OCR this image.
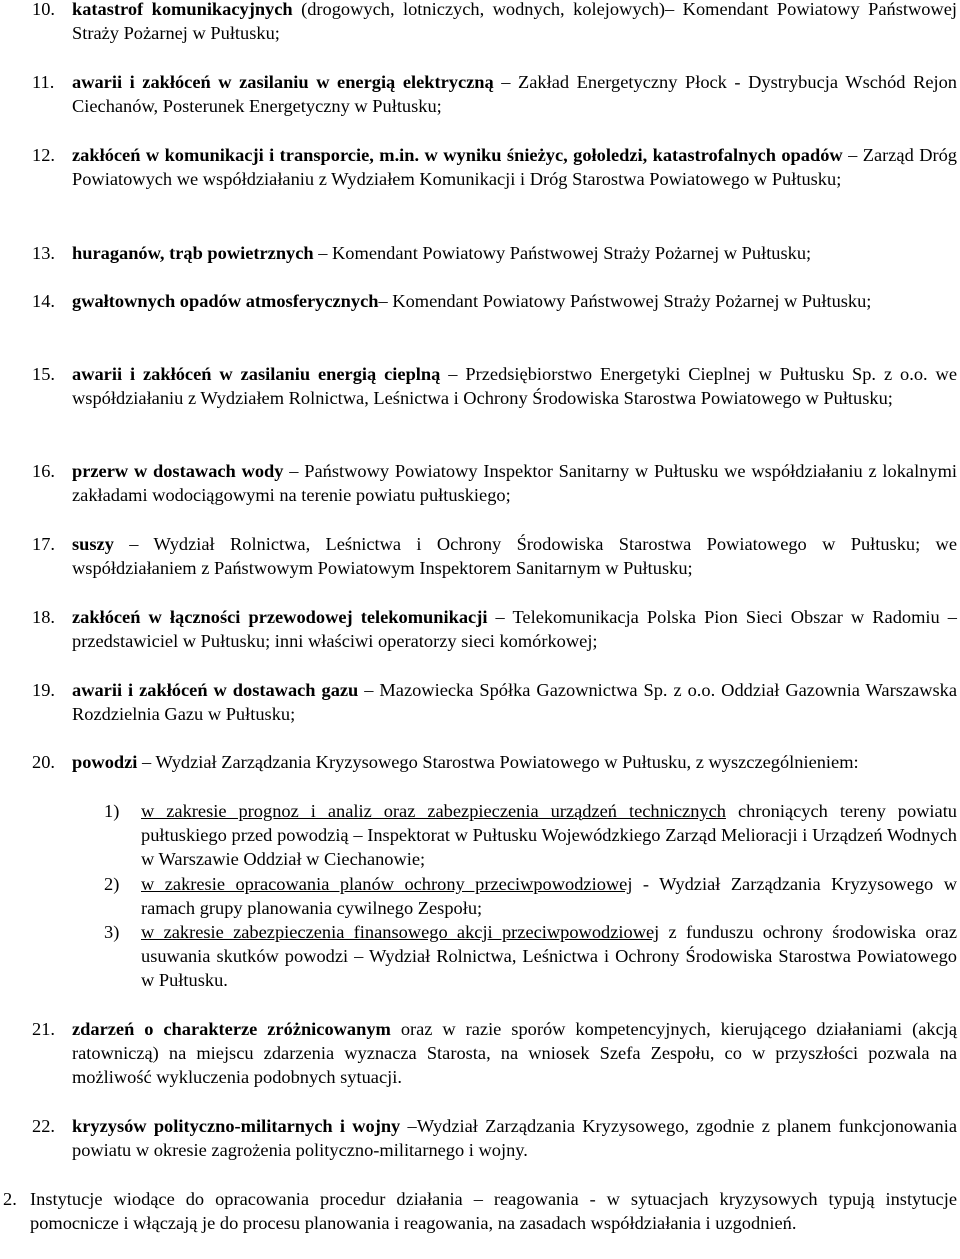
10. katastrof komunikacyjnych (drogowych, lotniczych, wodnych, kolejowych)– Komendant Powiatowy Państwowej Straży Pożarnej w Pułtusku;
11. awarii i zakłóceń w zasilaniu w energią elektryczną – Zakład Energetyczny Płock - Dystrybucja Wschód Rejon Ciechanów, Posterunek Energetyczny w Pułtusku;
12. zakłóceń w komunikacji i transporcie, m.in. w wyniku śnieżyc, gołoledzi, katastrofalnych opadów – Zarząd Dróg Powiatowych we współdziałaniu z Wydziałem Komunikacji i Dróg Starostwa Powiatowego w Pułtusku;
13. huraganów, trąb powietrznych – Komendant Powiatowy Państwowej Straży Pożarnej w Pułtusku;
14. gwałtownych opadów atmosferycznych– Komendant Powiatowy Państwowej Straży Pożarnej w Pułtusku;
15. awarii i zakłóceń w zasilaniu energią cieplną – Przedsiębiorstwo Energetyki Cieplnej w Pułtusku Sp. z o.o. we współdziałaniu z Wydziałem Rolnictwa, Leśnictwa i Ochrony Środowiska Starostwa Powiatowego w Pułtusku;
16. przerw w dostawach wody – Państwowy Powiatowy Inspektor Sanitarny w Pułtusku we współdziałaniu z lokalnymi zakładami wodociągowymi na terenie powiatu pułtuskiego;
17. suszy – Wydział Rolnictwa, Leśnictwa i Ochrony Środowiska Starostwa Powiatowego w Pułtusku; we współdziałaniem z Państwowym Powiatowym Inspektorem Sanitarnym w Pułtusku;
18. zakłóceń w łączności przewodowej telekomunikacji – Telekomunikacja Polska Pion Sieci Obszar w Radomiu – przedstawiciel w Pułtusku; inni właściwi operatorzy sieci komórkowej;
19. awarii i zakłóceń w dostawach gazu – Mazowiecka Spółka Gazownictwa Sp. z o.o. Oddział Gazownia Warszawska Rozdzielnia Gazu w Pułtusku;
20. powodzi – Wydział Zarządzania Kryzysowego Starostwa Powiatowego w Pułtusku, z wyszczególnieniem:
1)	w zakresie prognoz i analiz oraz zabezpieczenia urządzeń technicznych chroniących tereny powiatu pułtuskiego przed powodzią – Inspektorat w Pułtusku Wojewódzkiego Zarząd Melioracji i Urządzeń Wodnych w Warszawie Oddział w Ciechanowie;
2)	w zakresie opracowania planów ochrony przeciwpowodziowej - Wydział Zarządzania Kryzysowego w ramach grupy planowania cywilnego Zespołu;
3)	w zakresie zabezpieczenia finansowego akcji przeciwpowodziowej z funduszu ochrony środowiska oraz usuwania skutków powodzi – Wydział Rolnictwa, Leśnictwa i Ochrony Środowiska Starostwa Powiatowego w Pułtusku.
21. zdarzeń o charakterze zróżnicowanym oraz w razie sporów kompetencyjnych, kierującego działaniami (akcją ratowniczą) na miejscu zdarzenia wyznacza Starosta, na wniosek Szefa Zespołu, co w przyszłości pozwala na możliwość wykluczenia podobnych sytuacji.
22. kryzysów polityczno-militarnych i wojny –Wydział Zarządzania Kryzysowego, zgodnie z planem funkcjonowania powiatu w okresie zagrożenia polityczno-militarnego i wojny.
2. Instytucje wiodące do opracowania procedur działania – reagowania - w sytuacjach kryzysowych typują instytucje pomocnicze i włączają je do procesu planowania i reagowania, na zasadach współdziałania i uzgodnień.
